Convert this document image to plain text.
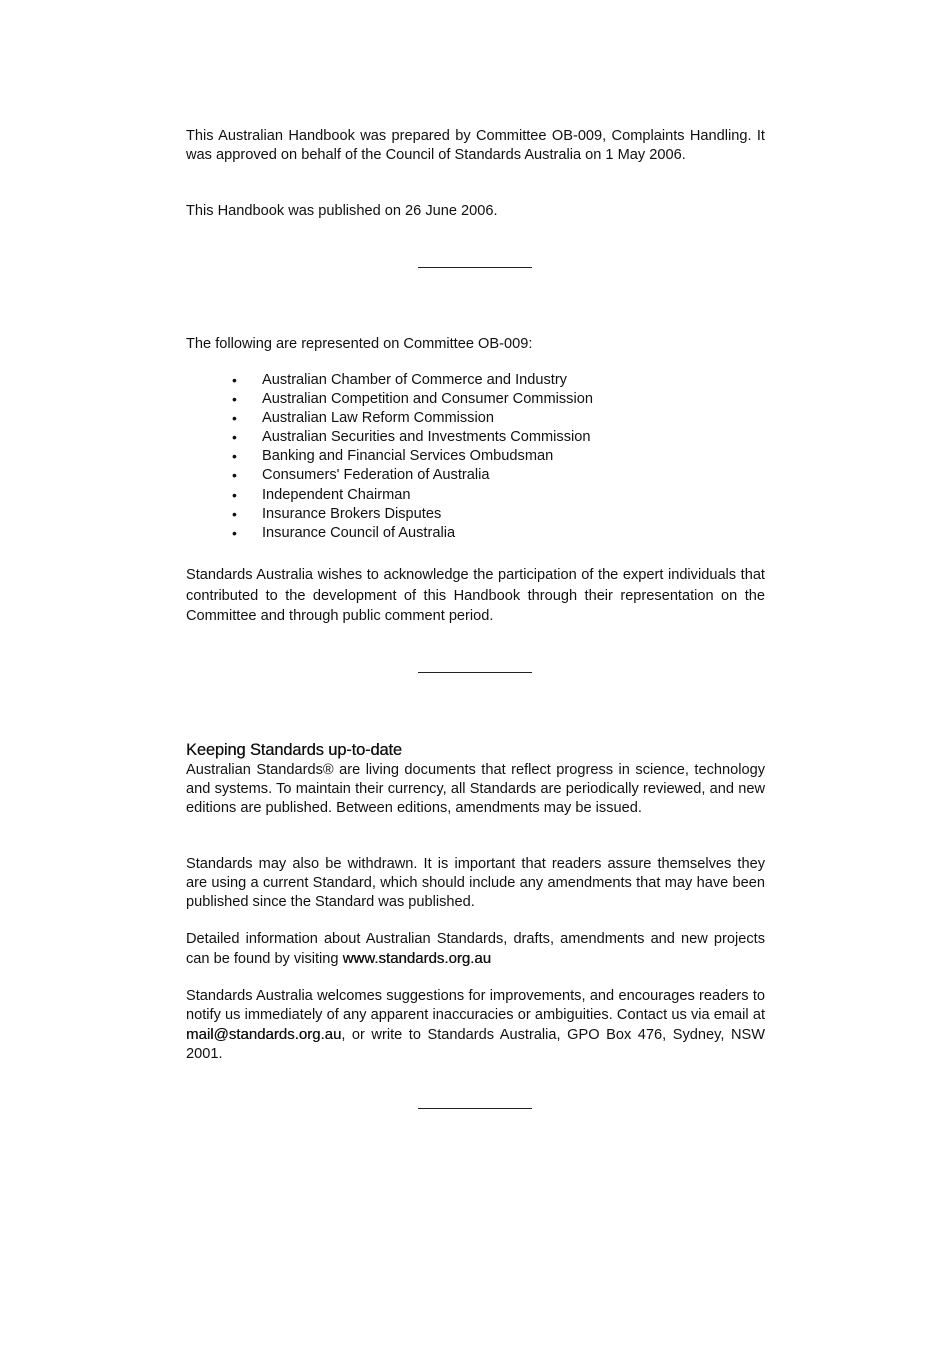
This Australian Handbook was prepared by Committee OB-009, Complaints Handling. It was approved on behalf of the Council of Standards Australia on 1 May 2006.

This Handbook was published on 26 June 2006.

The following are represented on Committee OB-009:

• Australian Chamber of Commerce and Industry
• Australian Competition and Consumer Commission
• Australian Law Reform Commission
• Australian Securities and Investments Commission
• Banking and Financial Services Ombudsman
• Consumers' Federation of Australia
• Independent Chairman
• Insurance Brokers Disputes
• Insurance Council of Australia

Standards Australia wishes to acknowledge the participation of the expert individuals that contributed to the development of this Handbook through their representation on the Committee and through public comment period.

Keeping Standards up-to-date

Australian Standards® are living documents that reflect progress in science, technology and systems. To maintain their currency, all Standards are periodically reviewed, and new editions are published. Between editions, amendments may be issued.

Standards may also be withdrawn. It is important that readers assure themselves they are using a current Standard, which should include any amendments that may have been published since the Standard was published.

Detailed information about Australian Standards, drafts, amendments and new projects can be found by visiting www.standards.org.au

Standards Australia welcomes suggestions for improvements, and encourages readers to notify us immediately of any apparent inaccuracies or ambiguities. Contact us via email at mail@standards.org.au, or write to Standards Australia, GPO Box 476, Sydney, NSW 2001.
